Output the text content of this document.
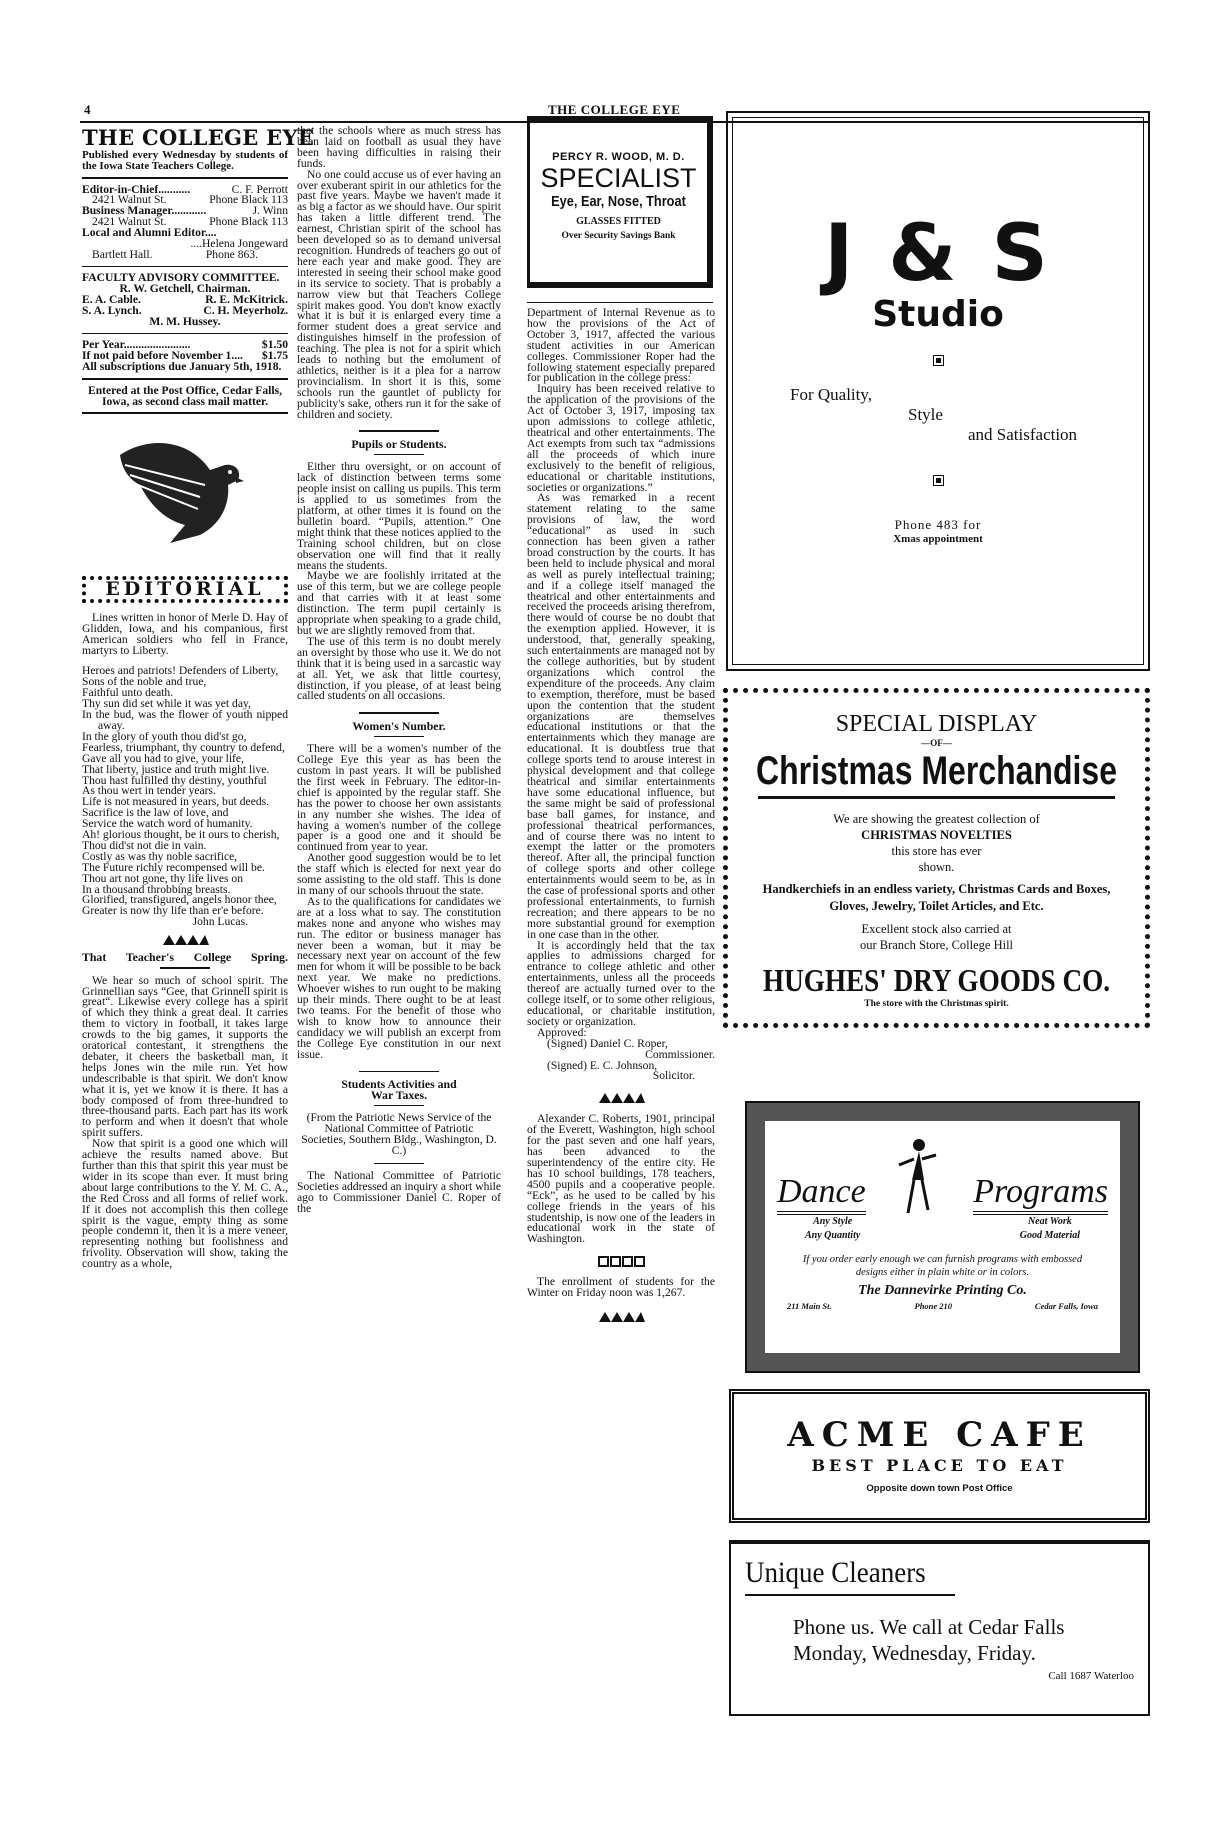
4	THE COLLEGE EYE
THE COLLEGE EYE
Published every Wednesday by students of the Iowa State Teachers College.
Editor-in-Chief...........	C. F. Perrott
2421 Walnut St.	Phone Black 113
Business Manager............	J. Winn
2421 Walnut St.	Phone Black 113
Local and Alumni Editor....
....Helena Jongeward
Bartlett Hall.	Phone 863.
FACULTY ADVISORY COMMITTEE.
R. W. Getchell, Chairman.
E. A. Cable.	R. E. McKitrick.
S. A. Lynch.	C. H. Meyerholz.
M. M. Hussey.
Per Year.......................	$1.50
If not paid before November 1.... $1.75
All subscriptions due January 5th, 1918.
Entered at the Post Office, Cedar Falls, Iowa, as second class mail matter.
EDITORIAL

Lines written in honor of Merle D. Hay of Glidden, Iowa, and his companious, first American soldiers who fell in France, martyrs to Liberty.

Heroes and patriots! Defenders of Liberty,
Sons of the noble and true,
Faithful unto death.
Thy sun did set while it was yet day,
In the bud, was the flower of youth nipped away.
In the glory of youth thou did'st go,
Fearless, triumphant, thy country to defend,
Gave all you had to give, your life,
That liberty, justice and truth might live.
Thou hast fulfilled thy destiny, youthful
As thou wert in tender years.
Life is not measured in years, but deeds.
Sacrifice is the law of love, and
Service the watch word of humanity.
Ah! glorious thought, be it ours to cherish,
Thou did'st not die in vain.
Costly as was thy noble sacrifice,
The Future richly recompensed will be.
Thou art not gone, thy life lives on
In a thousand throbbing breasts.
Glorified, transfigured, angels honor thee,
Greater is now thy life than er'e before.
John Lucas.
That Teacher's College Spring.

We hear so much of school spirit. The Grinnellian says “Gee, that Grinnell spirit is great“. Likewise every college has a spirit of which they think a great deal. It carries them to victory in football, it takes large crowds to the big games, it supports the oratorical contestant, it strengthens the debater, it cheers the basketball man, it helps Jones win the mile run. Yet how undescribable is that spirit. We don't know what it is, yet we know it is there. It has a body composed of from three-hundred to three-thousand parts. Each part has its work to perform and when it doesn't that whole spirit suffers.

Now that spirit is a good one which will achieve the results named above. But further than this that spirit this year must be wider in its scope than ever. It must bring about large contributions to the Y. M. C. A., the Red Cross and all forms of relief work. If it does not accomplish this then college spirit is the vague, empty thing as some people condemn it, then it is a mere veneer, representing nothing but foolishness and frivolity. Observation will show, taking the country as a whole,

that the schools where as much stress has been laid on football as usual they have been having difficulties in raising their funds.

No one could accuse us of ever having an over exuberant spirit in our athletics for the past five years. Maybe we haven't made it as big a factor as we should have. Our spirit has taken a little different trend. The earnest, Christian spirit of the school has been developed so as to demand universal recognition. Hundreds of teachers go out of here each year and make good. They are interested in seeing their school make good in its service to society. That is probably a narrow view but that Teachers College spirit makes good. You don't know exactly what it is but it is enlarged every time a former student does a great service and distinguishes himself in the profession of teaching. The plea is not for a spirit which leads to nothing but the emolument of athletics, neither is it a plea for a narrow provincialism. In short it is this, some schools run the gauntlet of publicty for publicity's sake, others run it for the sake of children and society.

Pupils or Students.

Either thru oversight, or on account of lack of distinction between terms some people insist on calling us pupils. This term is applied to us sometimes from the platform, at other times it is found on the bulletin board. “Pupils, attention.” One might think that these notices applied to the Training school children, but on close observation one will find that it really means the students.

Maybe we are foolishly irritated at the use of this term, but we are college people and that carries with it at least some distinction. The term pupil certainly is appropriate when speaking to a grade child, but we are slightly removed from that.

The use of this term is no doubt merely an oversight by those who use it. We do not think that it is being used in a sarcastic way at all. Yet, we ask that little courtesy, distinction, if you please, of at least being called students on all occasions.

Women's Number.

There will be a women's number of the College Eye this year as has been the custom in past years. It will be published the first week in February. The editor-in-chief is appointed by the regular staff. She has the power to choose her own assistants in any number she wishes. The idea of having a women's number of the college paper is a good one and it should be continued from year to year.

Another good suggestion would be to let the staff which is elected for next year do some assisting to the old staff. This is done in many of our schools thruout the state.

As to the qualifications for candidates we are at a loss what to say. The constitution makes none and anyone who wishes may run. The editor or business manager has never been a woman, but it may be necessary next year on account of the few men for whom it will be possible to be back next year. We make no predictions. Whoever wishes to run ought to be making up their minds. There ought to be at least two teams. For the benefit of those who wish to know how to announce their candidacy we will publish an excerpt from the College Eye constitution in our next issue.

Students Activities and
War Taxes.
(From the Patriotic News Service of the National Committee of Patriotic Societies, Southern Bldg., Washington, D. C.)

The National Committee of Patriotic Societies addressed an inquiry a short while ago to Commissioner Daniel C. Roper of the

PERCY R. WOOD, M. D.
SPECIALIST
Eye, Ear, Nose, Throat
GLASSES FITTED
Over Security Savings Bank

Department of Internal Revenue as to how the provisions of the Act of October 3, 1917, affected the various student activities in our American colleges. Commissioner Roper had the following statement especially prepared for publication in the college press:

Inquiry has been received relative to the application of the provisions of the Act of October 3, 1917, imposing tax upon admissions to college athletic, theatrical and other entertainments. The Act exempts from such tax “admissions all the proceeds of which inure exclusively to the benefit of religious, educational or charitable institutions, societies or organizations.”

As was remarked in a recent statement relating to the same provisions of law, the word “educational” as used in such connection has been given a rather broad construction by the courts. It has been held to include physical and moral as well as purely intellectual training; and if a college itself managed the theatrical and other entertainments and received the proceeds arising therefrom, there would of course be no doubt that the exemption applied. However, it is understood, that, generally speaking, such entertainments are managed not by the college authorities, but by student organizations which control the expenditure of the proceeds. Any claim to exemption, therefore, must be based upon the contention that the student organizations are themselves educational institutions or that the entertainments which they manage are educational. It is doubtless true that college sports tend to arouse interest in physical development and that college theatrical and similar entertainments have some educational influence, but the same might be said of professional base ball games, for instance, and professional theatrical performances, and of course there was no intent to exempt the latter or the promoters thereof. After all, the principal function of college sports and other college entertainments would seem to be, as in the case of professional sports and other professional entertainments, to furnish recreation; and there appears to be no more substantial ground for exemption in one case than in the other.

It is accordingly held that the tax applies to admissions charged for entrance to college athletic and other entertainments, unless all the proceeds thereof are actually turned over to the college itself, or to some other religious, educational, or charitable institution, society or organization.

Approved:
(Signed) Daniel C. Roper,
Commissioner.
(Signed) E. C. Johnson,
Solicitor.

Alexander C. Roberts, 1901, principal of the Everett, Washington, high school for the past seven and one half years, has been advanced to the superintendency of the entire city. He has 10 school buildings, 178 teachers, 4500 pupils and a cooperative people. “Eck”, as he used to be called by his college friends in the years of his studentship, is now one of the leaders in educational work in the state of Washington.

The enrollment of students for the Winter on Friday noon was 1,267.

J & S
Studio
For Quality,
Style
and Satisfaction
Phone 483 for
Xmas appointment
SPECIAL DISPLAY
—OF—
Christmas Merchandise
We are showing the greatest collection of
CHRISTMAS NOVELTIES
this store has ever
shown.
Handkerchiefs in an endless variety, Christmas Cards and Boxes, Gloves, Jewelry, Toilet Articles, and Etc.
Excellent stock also carried at
our Branch Store, College Hill
HUGHES' DRY GOODS CO.
The store with the Christmas spirit.
Dance	Programs
Any Style
Any Quantity
Neat Work
Good Material
If you order early enough we can furnish programs with embossed designs either in plain white or in colors.
The Dannevirke Printing Co.
211 Main St.	Phone 210	Cedar Falls, Iowa
ACME CAFE
BEST PLACE TO EAT
Opposite down town Post Office
Unique Cleaners
Phone us. We call at Cedar Falls
Monday, Wednesday, Friday.
Call 1687 Waterloo
